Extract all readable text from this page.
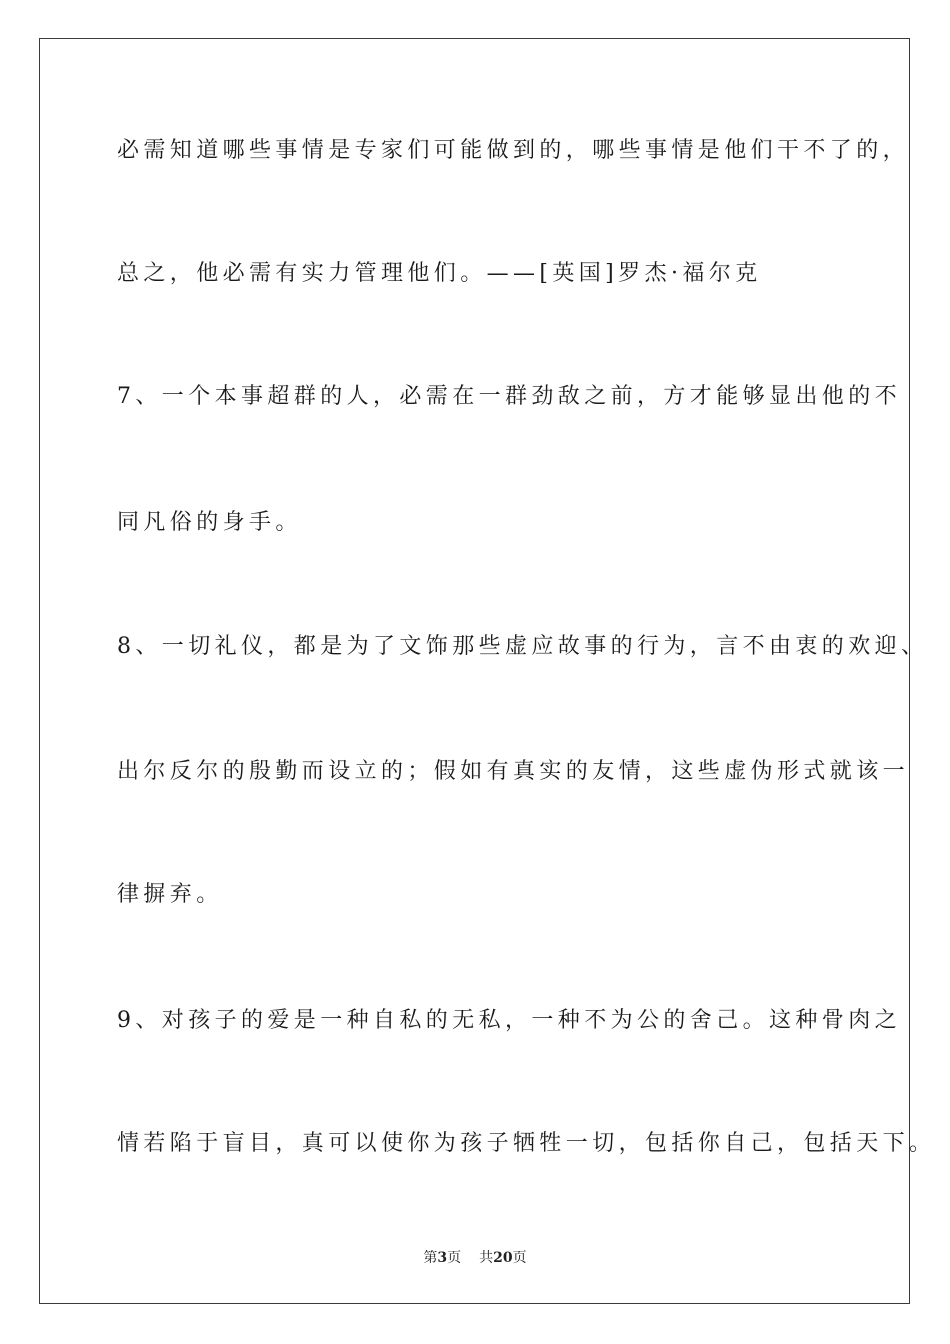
必需知道哪些事情是专家们可能做到的，哪些事情是他们干不了的，
总之，他必需有实力管理他们。——[英国]罗杰·福尔克
7、一个本事超群的人，必需在一群劲敌之前，方才能够显出他的不
同凡俗的身手。
8、一切礼仪，都是为了文饰那些虚应故事的行为，言不由衷的欢迎、
出尔反尔的殷勤而设立的；假如有真实的友情，这些虚伪形式就该一
律摒弃。
9、对孩子的爱是一种自私的无私，一种不为公的舍己。这种骨肉之
情若陷于盲目，真可以使你为孩子牺牲一切，包括你自己，包括天下。
第3页 共20页
